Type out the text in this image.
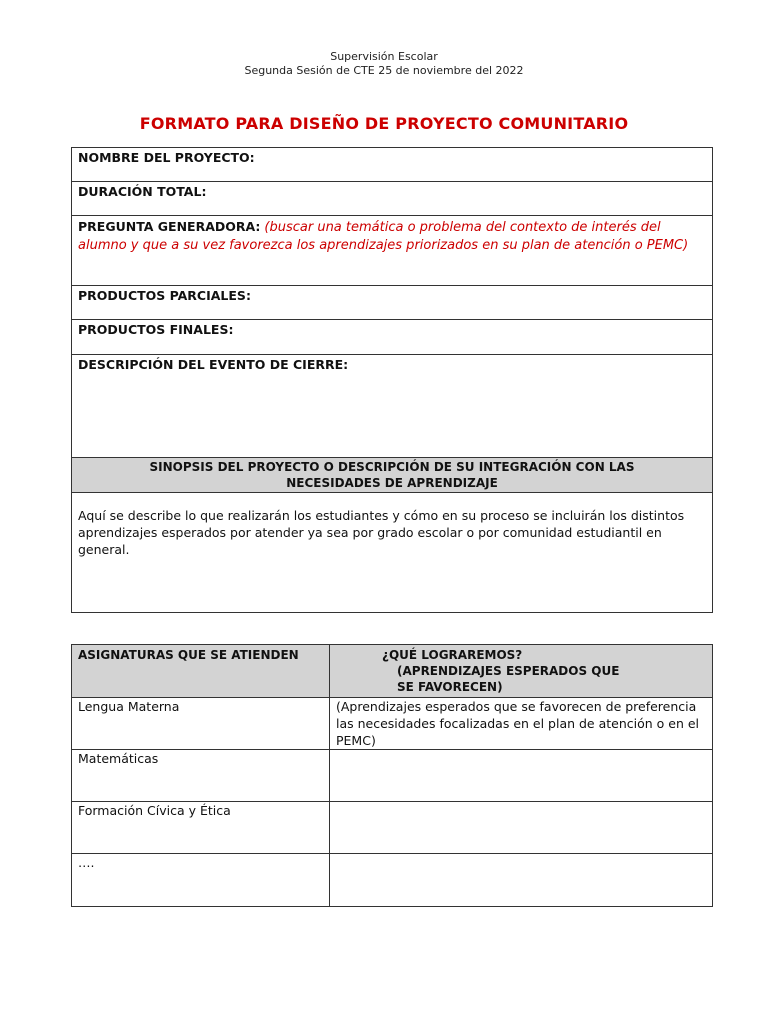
Supervisión Escolar
Segunda Sesión de CTE 25 de noviembre del 2022
FORMATO PARA DISEÑO DE PROYECTO COMUNITARIO
NOMBRE DEL PROYECTO:
DURACIÓN TOTAL:
PREGUNTA GENERADORA: (buscar una temática o problema del contexto de interés del alumno y que a su vez favorezca los aprendizajes priorizados en su plan de atención o PEMC)
PRODUCTOS PARCIALES:
PRODUCTOS FINALES:
DESCRIPCIÓN DEL EVENTO DE CIERRE:

SINOPSIS DEL PROYECTO O DESCRIPCIÓN DE SU INTEGRACIÓN CON LAS
NECESIDADES DE APRENDIZAJE

Aquí se describe lo que realizarán los estudiantes y cómo en su proceso se incluirán los distintos aprendizajes esperados por atender ya sea por grado escolar o por comunidad estudiantil en general.
ASIGNATURAS QUE SE ATIENDEN	¿QUÉ LOGRAREMOS?
(APRENDIZAJES ESPERADOS QUE
SE FAVORECEN)

Lengua Materna	(Aprendizajes esperados que se favorecen de preferencia las necesidades focalizadas en el plan de atención o en el PEMC)
Matemáticas	
Formación Cívica y Ética	
….	
